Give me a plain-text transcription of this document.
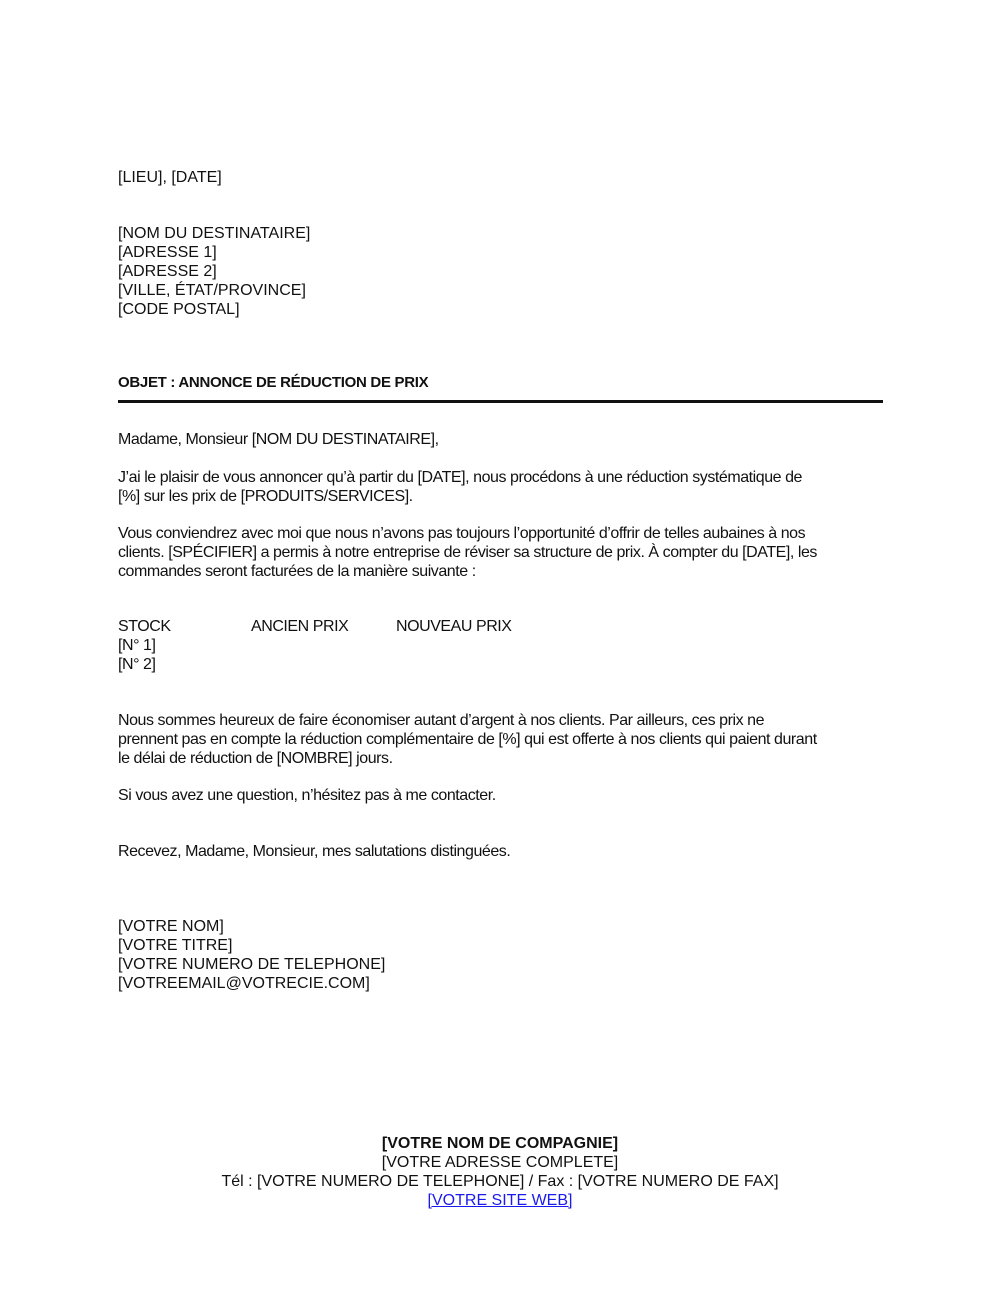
[LIEU], [DATE]
[NOM DU DESTINATAIRE]
[ADRESSE 1]
[ADRESSE 2]
[VILLE, ÉTAT/PROVINCE]
[CODE POSTAL]
OBJET : ANNONCE DE RÉDUCTION DE PRIX
Madame, Monsieur [NOM DU DESTINATAIRE],
J’ai le plaisir de vous annoncer qu’à partir du [DATE], nous procédons à une réduction systématique de
[%] sur les prix de [PRODUITS/SERVICES].
Vous conviendrez avec moi que nous n’avons pas toujours l’opportunité d’offrir de telles aubaines à nos
clients. [SPÉCIFIER] a permis à notre entreprise de réviser sa structure de prix. À compter du [DATE], les
commandes seront facturées de la manière suivante :
STOCK	ANCIEN PRIX	NOUVEAU PRIX
[N° 1]
[N° 2]
Nous sommes heureux de faire économiser autant d’argent à nos clients. Par ailleurs, ces prix ne
prennent pas en compte la réduction complémentaire de [%] qui est offerte à nos clients qui paient durant
le délai de réduction de [NOMBRE] jours.
Si vous avez une question, n’hésitez pas à me contacter.
Recevez, Madame, Monsieur, mes salutations distinguées.
[VOTRE NOM]
[VOTRE TITRE]
[VOTRE NUMERO DE TELEPHONE]
[VOTREEMAIL@VOTRECIE.COM]
[VOTRE NOM DE COMPAGNIE]
[VOTRE ADRESSE COMPLETE]
Tél : [VOTRE NUMERO DE TELEPHONE] / Fax : [VOTRE NUMERO DE FAX]
[VOTRE SITE WEB]
